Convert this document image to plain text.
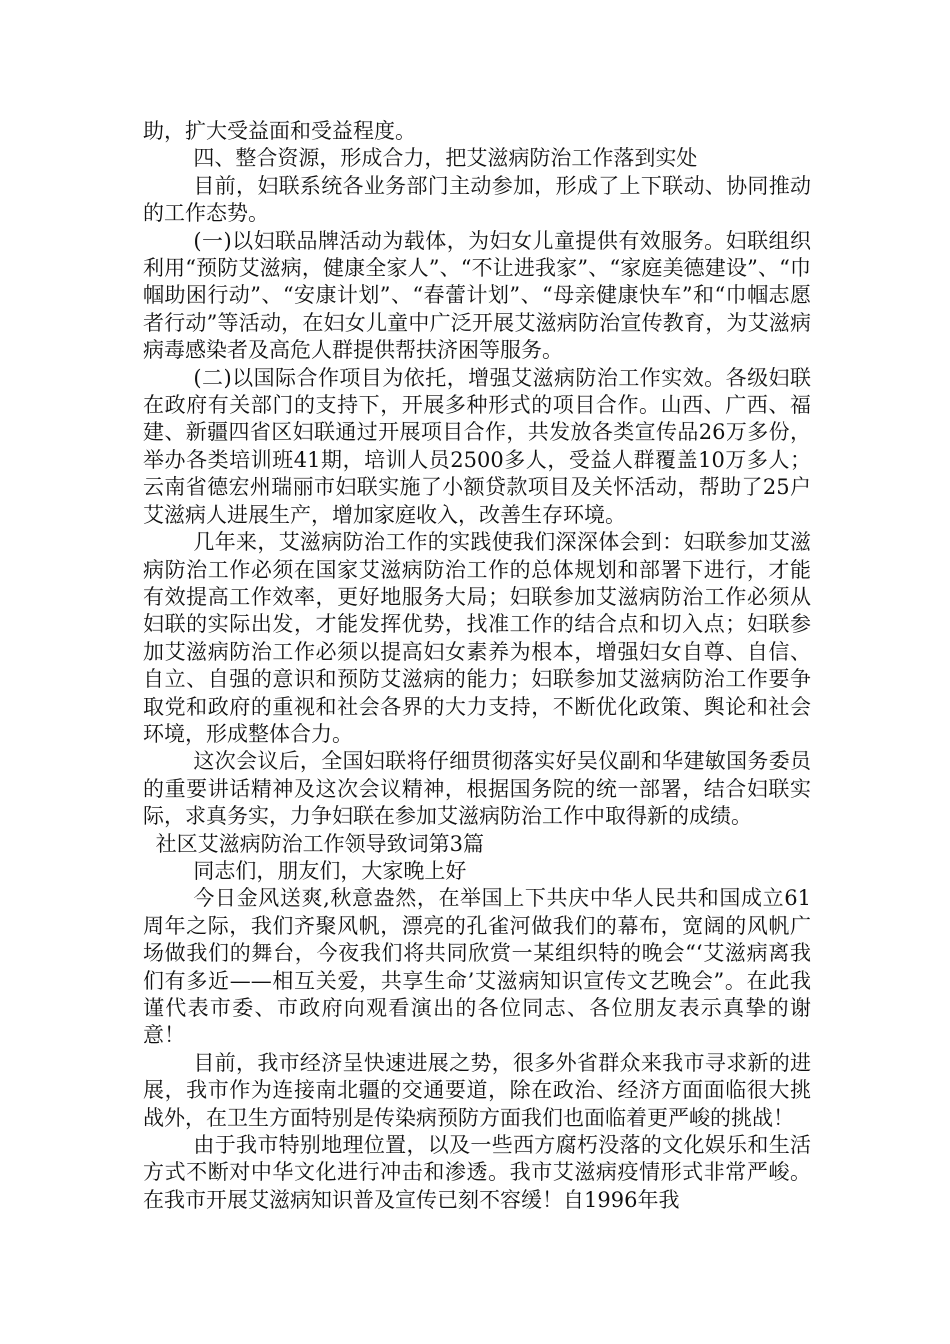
助，扩大受益面和受益程度。

四、整合资源，形成合力，把艾滋病防治工作落到实处

目前，妇联系统各业务部门主动参加，形成了上下联动、协同推动的工作态势。

(一)以妇联品牌活动为载体，为妇女儿童提供有效服务。妇联组织利用“预防艾滋病，健康全家人”、“不让进我家”、“家庭美德建设”、“巾帼助困行动”、“安康计划”、“春蕾计划”、“母亲健康快车”和“巾帼志愿者行动”等活动，在妇女儿童中广泛开展艾滋病防治宣传教育，为艾滋病病毒感染者及高危人群提供帮扶济困等服务。

(二)以国际合作项目为依托，增强艾滋病防治工作实效。各级妇联在政府有关部门的支持下，开展多种形式的项目合作。山西、广西、福建、新疆四省区妇联通过开展项目合作，共发放各类宣传品26万多份，举办各类培训班41期，培训人员2500多人，受益人群覆盖10万多人；云南省德宏州瑞丽市妇联实施了小额贷款项目及关怀活动，帮助了25户艾滋病人进展生产，增加家庭收入，改善生存环境。

几年来，艾滋病防治工作的实践使我们深深体会到：妇联参加艾滋病防治工作必须在国家艾滋病防治工作的总体规划和部署下进行，才能有效提高工作效率，更好地服务大局；妇联参加艾滋病防治工作必须从妇联的实际出发，才能发挥优势，找准工作的结合点和切入点；妇联参加艾滋病防治工作必须以提高妇女素养为根本，增强妇女自尊、自信、自立、自强的意识和预防艾滋病的能力；妇联参加艾滋病防治工作要争取党和政府的重视和社会各界的大力支持，不断优化政策、舆论和社会环境，形成整体合力。

这次会议后，全国妇联将仔细贯彻落实好吴仪副和华建敏国务委员的重要讲话精神及这次会议精神，根据国务院的统一部署，结合妇联实际，求真务实，力争妇联在参加艾滋病防治工作中取得新的成绩。

社区艾滋病防治工作领导致词第3篇

同志们，朋友们，大家晚上好

今日金风送爽,秋意盎然，在举国上下共庆中华人民共和国成立61周年之际，我们齐聚风帆，漂亮的孔雀河做我们的幕布，宽阔的风帆广场做我们的舞台，今夜我们将共同欣赏一某组织特的晚会“‘艾滋病离我们有多近——相互关爱，共享生命’艾滋病知识宣传文艺晚会”。在此我谨代表市委、市政府向观看演出的各位同志、各位朋友表示真挚的谢意！

目前，我市经济呈快速进展之势，很多外省群众来我市寻求新的进展，我市作为连接南北疆的交通要道，除在政治、经济方面面临很大挑战外，在卫生方面特别是传染病预防方面我们也面临着更严峻的挑战！

由于我市特别地理位置，以及一些西方腐朽没落的文化娱乐和生活方式不断对中华文化进行冲击和渗透。我市艾滋病疫情形式非常严峻。在我市开展艾滋病知识普及宣传已刻不容缓！自1996年我
